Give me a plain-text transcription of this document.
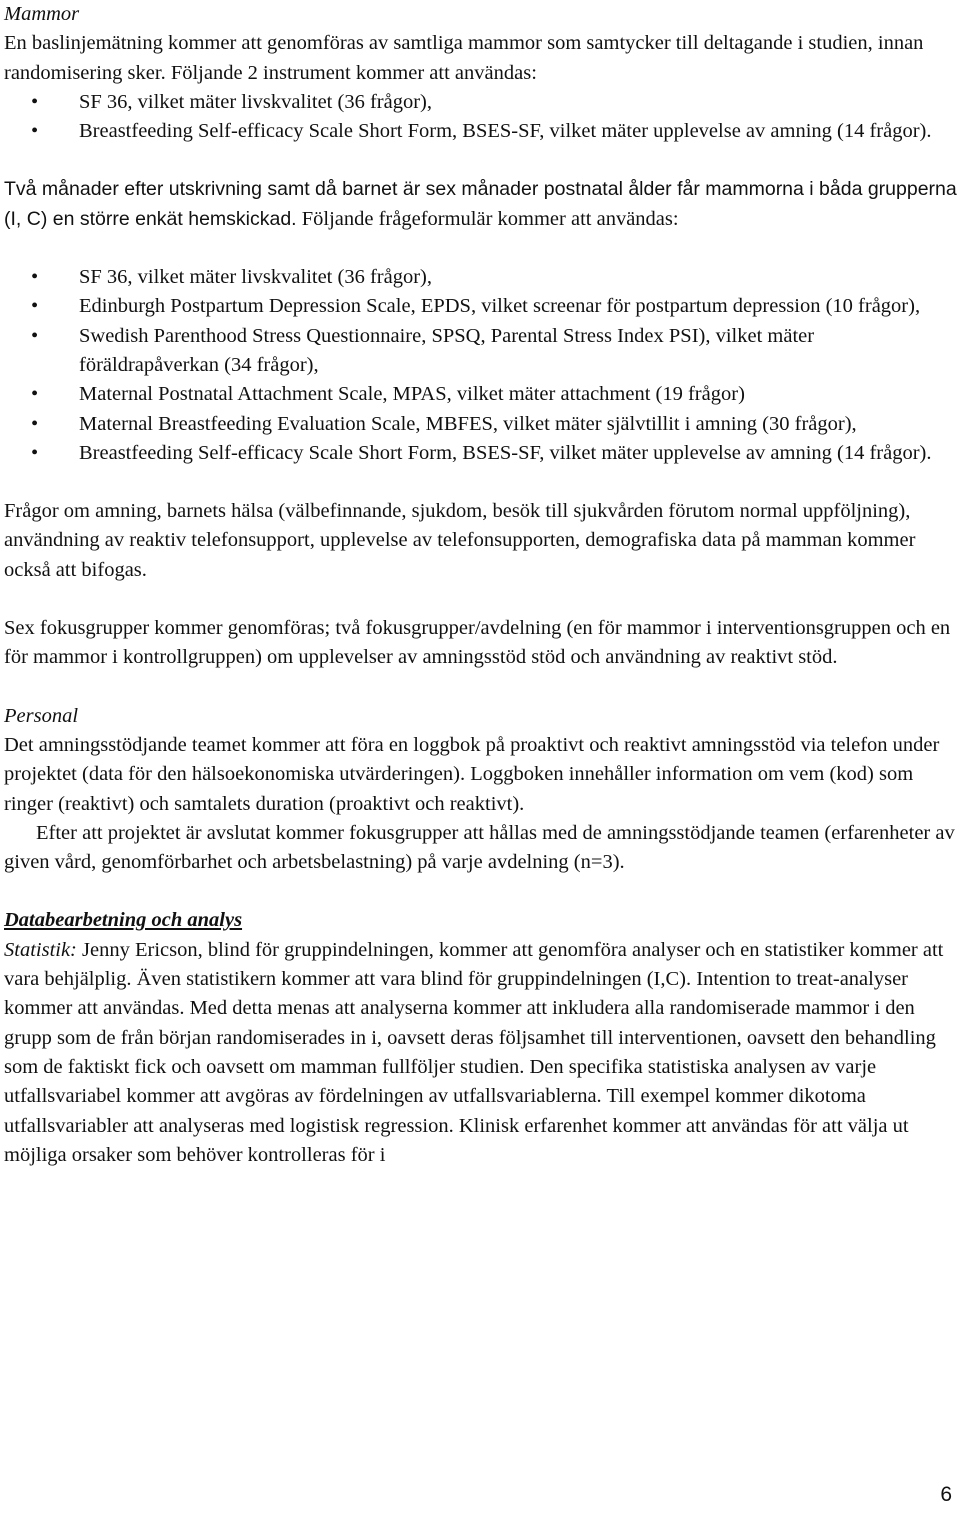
Mammor

En baslinjemätning kommer att genomföras av samtliga mammor som samtycker till deltagande i studien, innan randomisering sker. Följande 2 instrument kommer att användas:

• SF 36, vilket mäter livskvalitet (36 frågor),
• Breastfeeding Self-efficacy Scale Short Form, BSES-SF, vilket mäter upplevelse av amning (14 frågor).

Två månader efter utskrivning samt då barnet är sex månader postnatal ålder får mammorna i båda grupperna (I, C) en större enkät hemskickad. Följande frågeformulär kommer att användas:

• SF 36, vilket mäter livskvalitet (36 frågor),
• Edinburgh Postpartum Depression Scale, EPDS, vilket screenar för postpartum depression (10 frågor),
• Swedish Parenthood Stress Questionnaire, SPSQ, Parental Stress Index PSI), vilket mäter föräldrapåverkan (34 frågor),
• Maternal Postnatal Attachment Scale, MPAS, vilket mäter attachment (19 frågor)
• Maternal Breastfeeding Evaluation Scale, MBFES, vilket mäter självtillit i amning (30 frågor),
• Breastfeeding Self-efficacy Scale Short Form, BSES-SF, vilket mäter upplevelse av amning (14 frågor).

Frågor om amning, barnets hälsa (välbefinnande, sjukdom, besök till sjukvården förutom normal uppföljning), användning av reaktiv telefonsupport, upplevelse av telefonsupporten, demografiska data på mamman kommer också att bifogas.

Sex fokusgrupper kommer genomföras; två fokusgrupper/avdelning (en för mammor i interventionsgruppen och en för mammor i kontrollgruppen) om upplevelser av amningsstöd stöd och användning av reaktivt stöd.

Personal

Det amningsstödjande teamet kommer att föra en loggbok på proaktivt och reaktivt amningsstöd via telefon under projektet (data för den hälsoekonomiska utvärderingen). Loggboken innehåller information om vem (kod) som ringer (reaktivt) och samtalets duration (proaktivt och reaktivt).

Efter att projektet är avslutat kommer fokusgrupper att hållas med de amningsstödjande teamen (erfarenheter av given vård, genomförbarhet och arbetsbelastning) på varje avdelning (n=3).

Databearbetning och analys

Statistik: Jenny Ericson, blind för gruppindelningen, kommer att genomföra analyser och en statistiker kommer att vara behjälplig. Även statistikern kommer att vara blind för gruppindelningen (I,C). Intention to treat-analyser kommer att användas. Med detta menas att analyserna kommer att inkludera alla randomiserade mammor i den grupp som de från början randomiserades in i, oavsett deras följsamhet till interventionen, oavsett den behandling som de faktiskt fick och oavsett om mamman fullföljer studien. Den specifika statistiska analysen av varje utfallsvariabel kommer att avgöras av fördelningen av utfallsvariablerna. Till exempel kommer dikotoma utfallsvariabler att analyseras med logistisk regression. Klinisk erfarenhet kommer att användas för att välja ut möjliga orsaker som behöver kontrolleras för i

6
